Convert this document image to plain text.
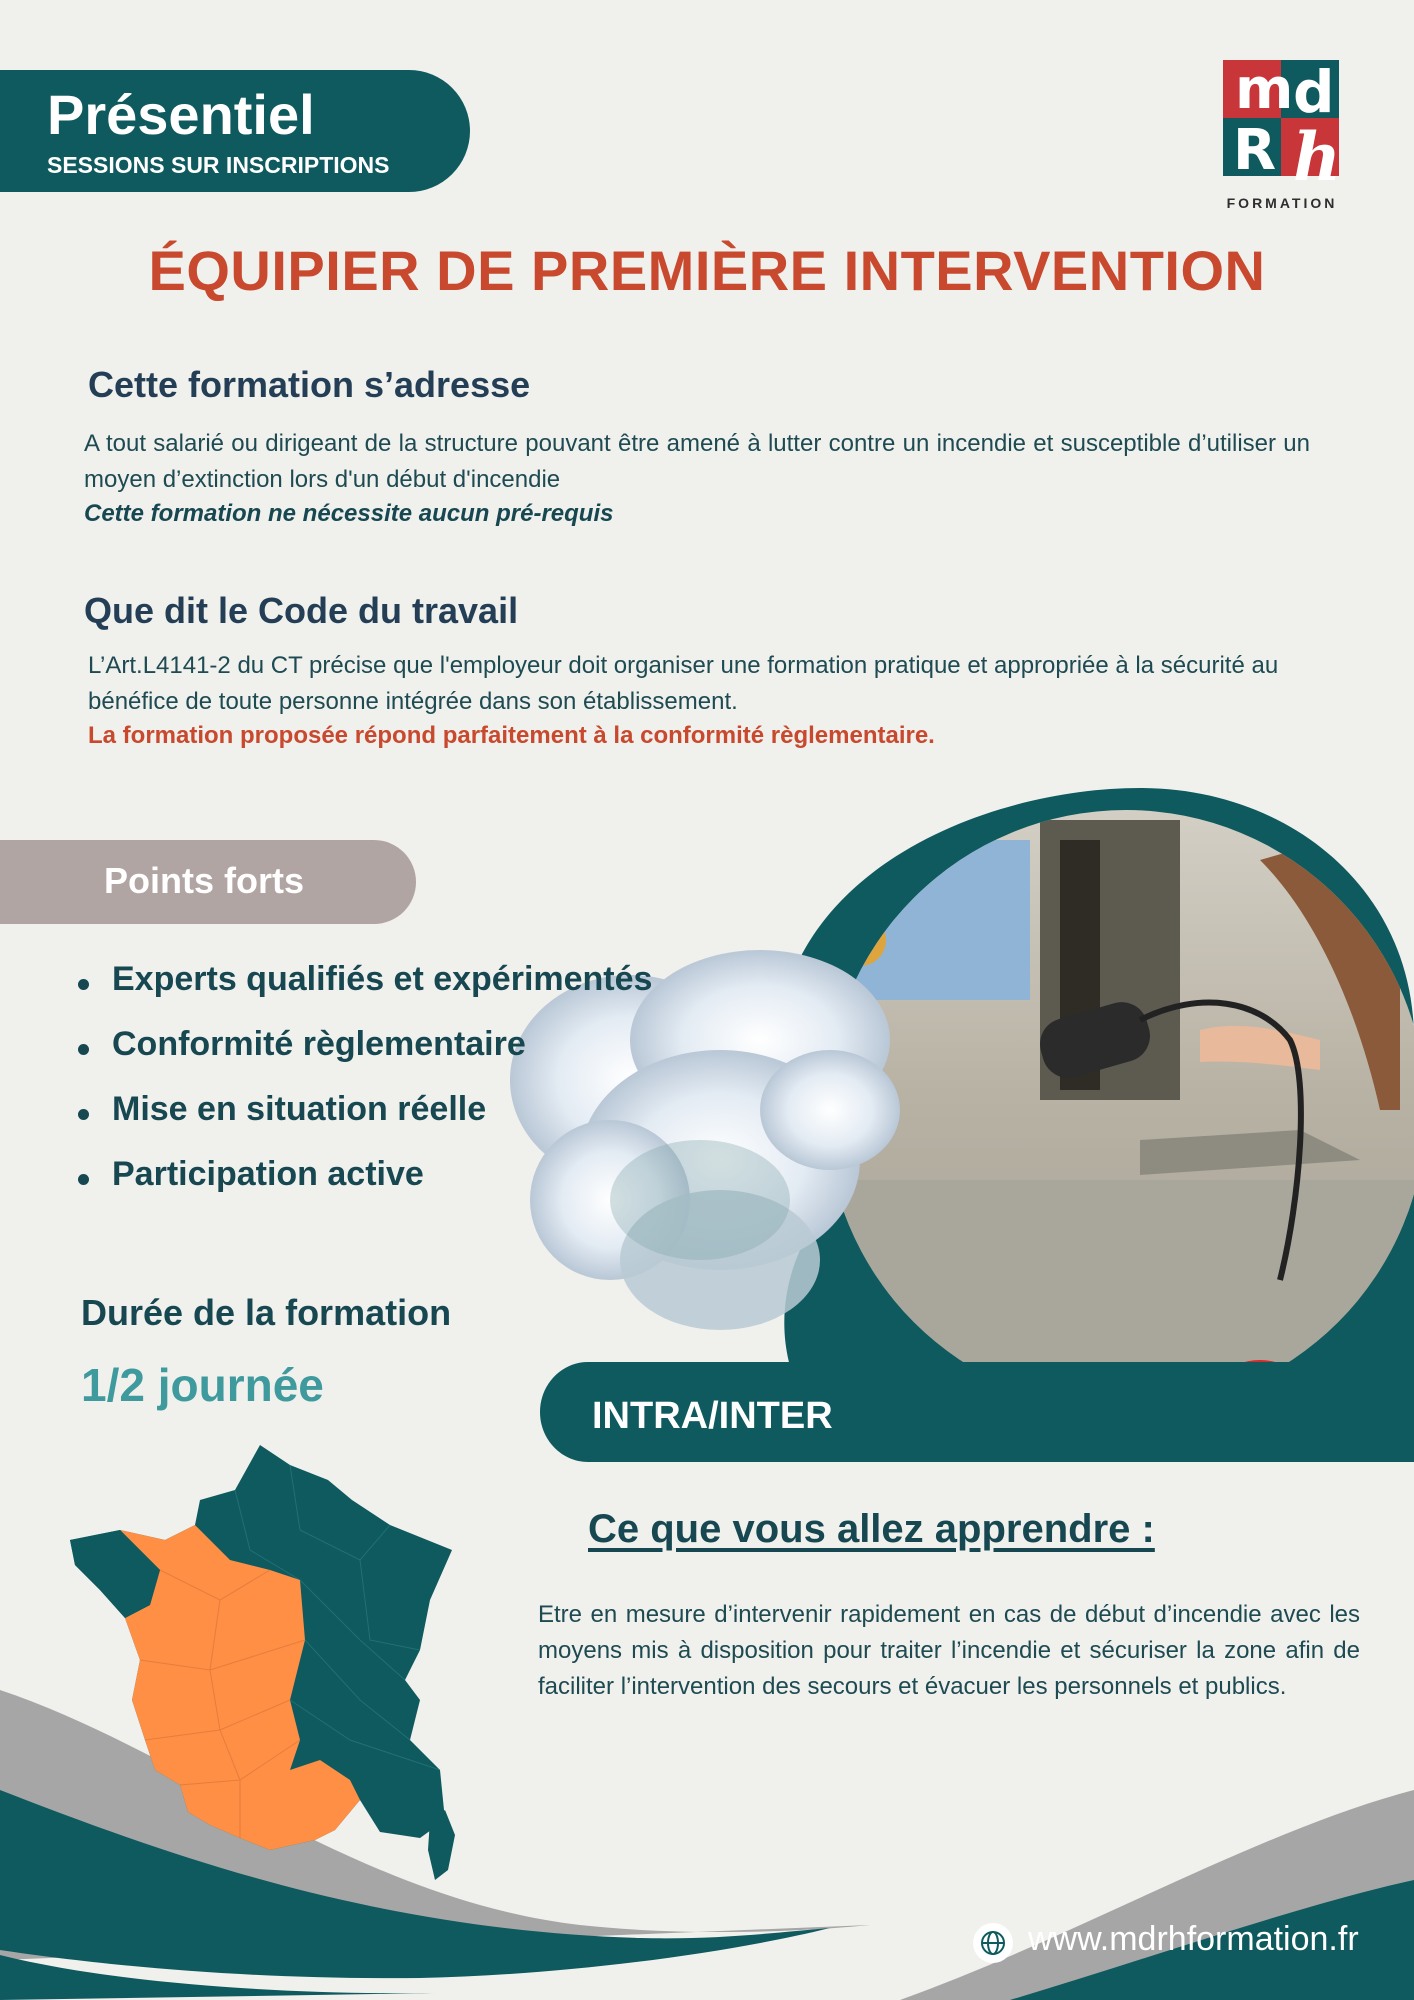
Présentiel
SESSIONS SUR INSCRIPTIONS
m d
R h
FORMATION
ÉQUIPIER DE PREMIÈRE INTERVENTION
Cette formation s’adresse
A tout salarié ou dirigeant de la structure pouvant être amené à lutter contre un incendie et susceptible d’utiliser un moyen d’extinction lors d'un début d'incendie
Cette formation ne nécessite aucun pré-requis
Que dit le Code du travail
L’Art.L4141-2 du CT précise que l'employeur doit organiser une formation pratique et appropriée à la sécurité au bénéfice de toute personne intégrée dans son établissement.
La formation proposée répond parfaitement à la conformité règlementaire.
INTRA/INTER
Points forts
Experts qualifiés et expérimentés
Conformité règlementaire
Mise en situation réelle
Participation active
Durée de la formation
1/2 journée
Ce que vous allez apprendre :
Etre en mesure d’intervenir rapidement en cas de début d’incendie avec les moyens mis à disposition pour traiter l’incendie et sécuriser la zone afin de faciliter l’intervention des secours et évacuer les personnels et publics.
www.mdrhformation.fr
